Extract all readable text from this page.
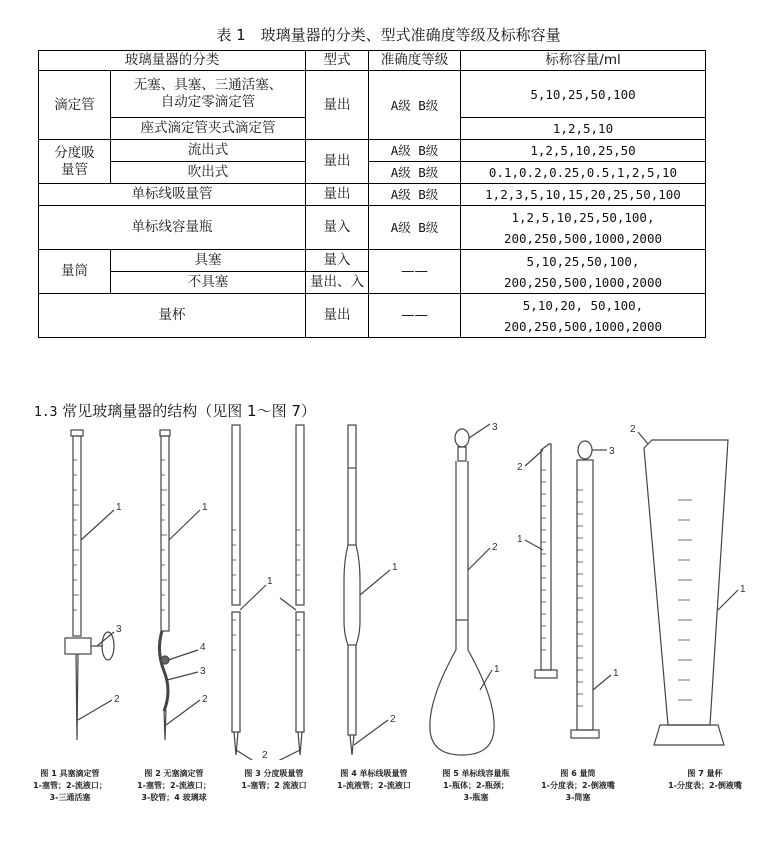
表 1　玻璃量器的分类、型式准确度等级及标称容量
玻璃量器的分类		型式	准确度等级	标称容量/ml
滴定管	无塞、具塞、三通活塞、
自动定零滴定管	量出	A级 B级	5,10,25,50,100
	座式滴定管夹式滴定管			1,2,5,10

分度吸
量管	流出式	量出	A级 B级	1,2,5,10,25,50
	吹出式		A级 B级	0.1,0.2,0.25,0.5,1,2,5,10
单标线吸量管		量出	A级 B级	1,2,3,5,10,15,20,25,50,100
单标线容量瓶		量入	A级 B级	1,2,5,10,25,50,100,
200,250,500,1000,2000

量筒	具塞	量入	——	5,10,25,50,100,
200,250,500,1000,2000

	不具塞	量出、入		
量杯		量出	——	5,10,20, 50,100,
200,250,500,1000,2000
1.3 常见玻璃量器的结构（见图 1～图 7）
1
3
2
1
4
3
2
1
2
1
2
3
2
1
2
1
3
1
2
1
图 1 具塞滴定管
1-塞管；2-流液口；
3-三通活塞
图 2 无塞滴定管
1-塞管；2-流液口；
3-胶管；4 玻璃球
图 3 分度吸量管
1-塞管；2 流液口
图 4 单标线吸量管
1-流液管；2-流液口
图 5 单标线容量瓶
1-瓶体；2-瓶颈；
3-瓶塞
图 6 量筒
1-分度表；2-倒液嘴
3-筒塞
图 7 量杯
1-分度表；2-倒液嘴
